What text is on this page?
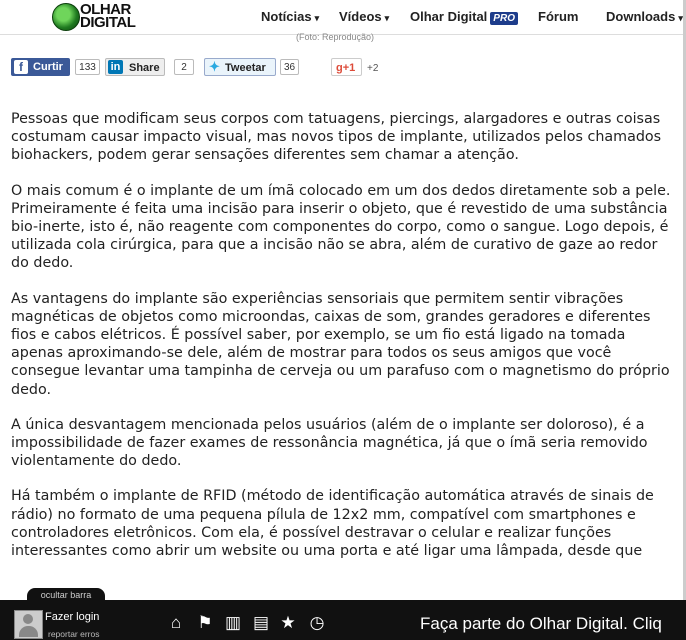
OLHAR
DIGITAL	Notícias ▾ Vídeos ▾ Olhar Digital PRO Fórum Downloads ▾
(Foto: Reprodução)
f Curtir	133	in Share	2	✦ Tweetar	36	g+1	+2

Pessoas que modificam seus corpos com tatuagens, piercings, alargadores e outras coisas costumam causar impacto visual, mas novos tipos de implante, utilizados pelos chamados biohackers, podem gerar sensações diferentes sem chamar a atenção.

O mais comum é o implante de um ímã colocado em um dos dedos diretamente sob a pele. Primeiramente é feita uma incisão para inserir o objeto, que é revestido de uma substância bio-inerte, isto é, não reagente com componentes do corpo, como o sangue. Logo depois, é utilizada cola cirúrgica, para que a incisão não se abra, além de curativo de gaze ao redor do dedo.

As vantagens do implante são experiências sensoriais que permitem sentir vibrações magnéticas de objetos como microondas, caixas de som, grandes geradores e diferentes fios e cabos elétricos. É possível saber, por exemplo, se um fio está ligado na tomada apenas aproximando-se dele, além de mostrar para todos os seus amigos que você consegue levantar uma tampinha de cerveja ou um parafuso com o magnetismo do próprio dedo.

A única desvantagem mencionada pelos usuários (além de o implante ser doloroso), é a impossibilidade de fazer exames de ressonância magnética, já que o ímã seria removido violentamente do dedo.

Há também o implante de RFID (método de identificação automática através de sinais de rádio) no formato de uma pequena pílula de 12x2 mm, compatível com smartphones e controladores eletrônicos. Com ela, é possível destravar o celular e realizar funções interessantes como abrir um website ou uma porta e até ligar uma lâmpada, desde que

ocultar barra
Fazer login
reportar erros
⌂ ⚑ ▥ ▤ ★ ◷	Faça parte do Olhar Digital. Cliq
